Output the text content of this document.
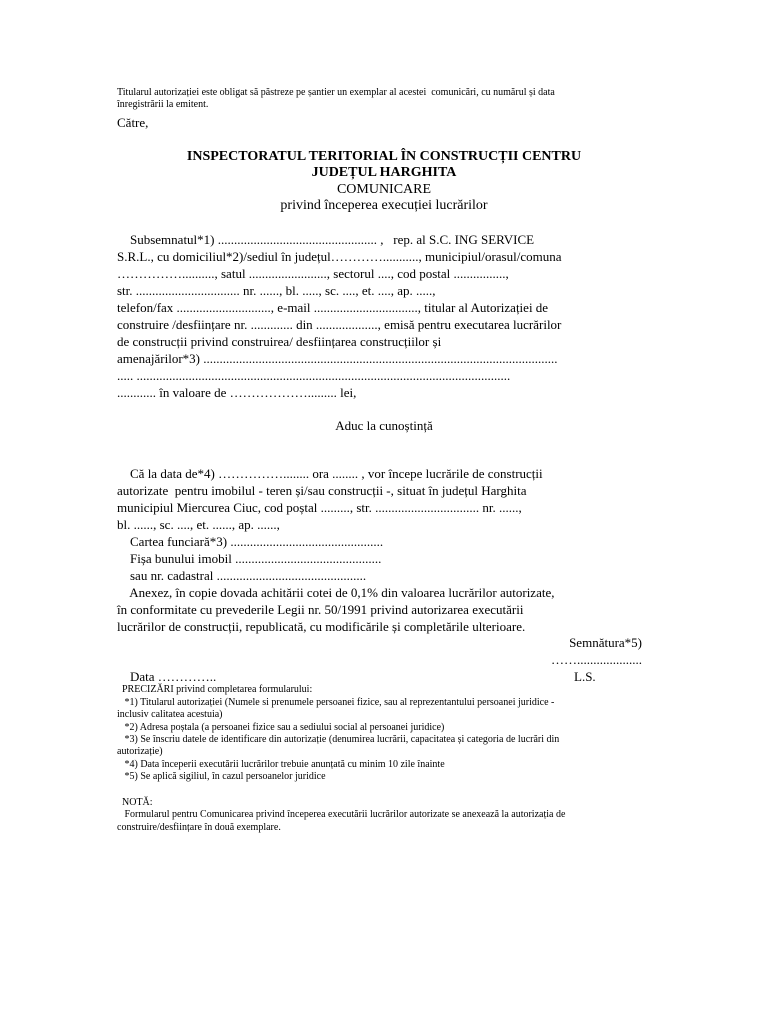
Titularul autorizației este obligat să păstreze pe șantier un exemplar al acestei  comunicări, cu numărul și data
înregistrării la emitent.
Către,
INSPECTORATUL TERITORIAL ÎN CONSTRUCȚII CENTRU
JUDEȚUL HARGHITA
COMUNICARE
privind începerea execuției lucrărilor
Subsemnatul*1) ................................................. ,   rep. al S.C. ING SERVICE
S.R.L., cu domiciliul*2)/sediul în județul…………..........., municipiul/orasul/comuna
…………….........., satul ........................, sectorul ...., cod postal ................,
str. ................................ nr. ......, bl. ....., sc. ...., et. ...., ap. .....,
telefon/fax ............................., e-mail ................................, titular al Autorizației de
construire /desființare nr. ............. din ..................., emisă pentru executarea lucrărilor
de construcții privind construirea/ desființarea construcțiilor și
amenajărilor*3) .............................................................................................................
..... ...................................................................................................................
............ în valoare de ………………......... lei,
Aduc la cunoștință
Că la data de*4) ……………........ ora ........ , vor începe lucrările de construcții
autorizate  pentru imobilul - teren și/sau construcții -, situat în județul Harghita
municipiul Miercurea Ciuc, cod poștal ........., str. ................................ nr. ......,
bl. ......, sc. ...., et. ......, ap. ......,
Cartea funciară*3) ...............................................
Fișa bunului imobil .............................................
sau nr. cadastral ..............................................
Anexez, în copie dovada achitării cotei de 0,1% din valoarea lucrărilor autorizate,
în conformitate cu prevederile Legii nr. 50/1991 privind autorizarea executării
lucrărilor de construcții, republicată, cu modificările și completările ulterioare.
Semnătura*5)
……....................
Data …………..	L.S.
PRECIZĂRI privind completarea formularului:
*1) Titularul autorizației (Numele si prenumele persoanei fizice, sau al reprezentantului persoanei juridice -
inclusiv calitatea acestuia)
*2) Adresa poștala (a persoanei fizice sau a sediului social al persoanei juridice)
*3) Se înscriu datele de identificare din autorizație (denumirea lucrării, capacitatea și categoria de lucrări din
autorizație)
*4) Data începerii executării lucrărilor trebuie anunțată cu minim 10 zile înainte
*5) Se aplică sigiliul, în cazul persoanelor juridice
NOTĂ:
Formularul pentru Comunicarea privind începerea executării lucrărilor autorizate se anexează la autorizația de
construire/desființare în două exemplare.
